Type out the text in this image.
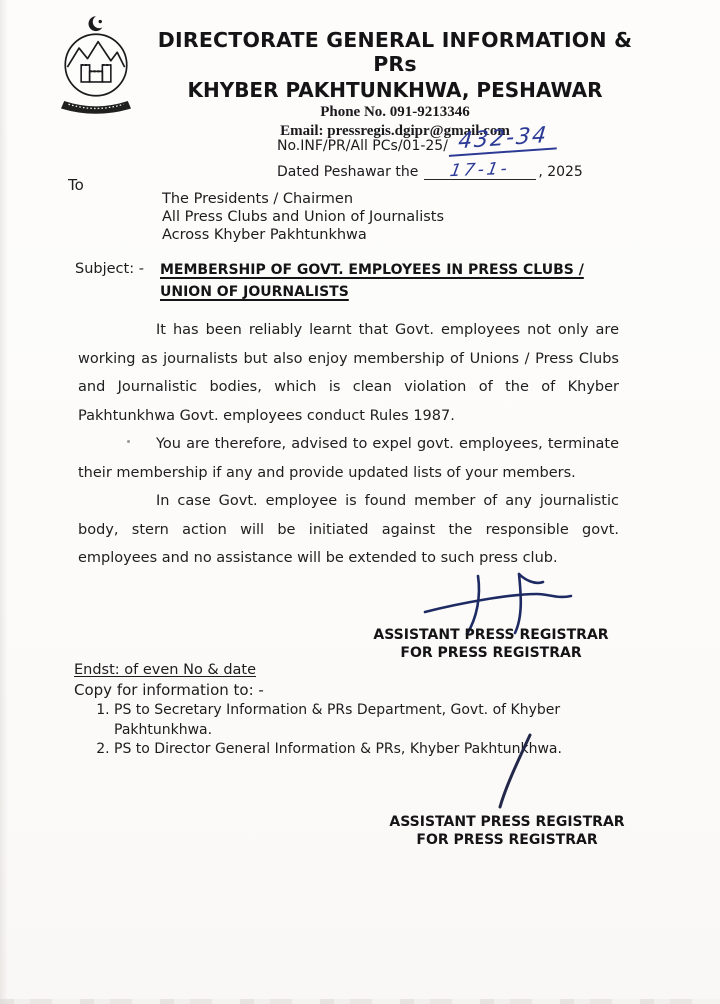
DIRECTORATE GENERAL INFORMATION & PRs
KHYBER PAKHTUNKHWA, PESHAWAR
Phone No. 091-9213346
Email: pressregis.dgipr@gmail.com
No.INF/PR/All PCs/01-25/ 432-34
Dated Peshawar the	17-1-	, 2025
To
The Presidents / Chairmen
All Press Clubs and Union of Journalists
Across Khyber Pakhtunkhwa
Subject: - MEMBERSHIP OF GOVT. EMPLOYEES IN PRESS CLUBS / UNION OF JOURNALISTS

It has been reliably learnt that Govt. employees not only are working as journalists but also enjoy membership of Unions / Press Clubs and Journalistic bodies, which is clean violation of the of Khyber Pakhtunkhwa Govt. employees conduct Rules 1987.

You are therefore, advised to expel govt. employees, terminate their membership if any and provide updated lists of your members.

In case Govt. employee is found member of any journalistic body, stern action will be initiated against the responsible govt. employees and no assistance will be extended to such press club.

ASSISTANT PRESS REGISTRAR
FOR PRESS REGISTRAR
Endst: of even No & date
Copy for information to: -
1. PS to Secretary Information & PRs Department, Govt. of Khyber Pakhtunkhwa.
2. PS to Director General Information & PRs, Khyber Pakhtunkhwa.
ASSISTANT PRESS REGISTRAR
FOR PRESS REGISTRAR
